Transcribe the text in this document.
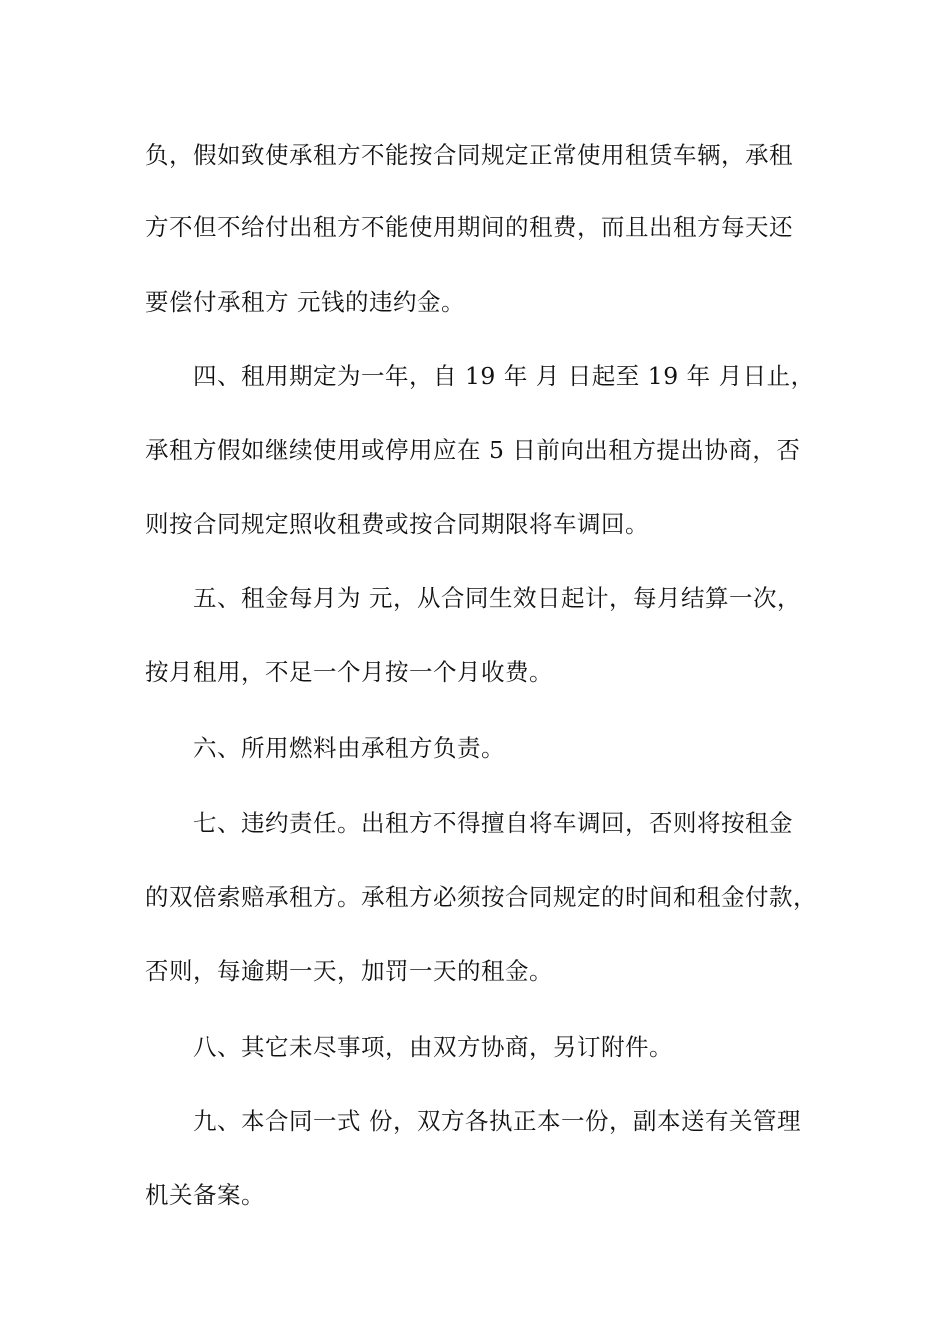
负，假如致使承租方不能按合同规定正常使用租赁车辆，承租
方不但不给付出租方不能使用期间的租费，而且出租方每天还
要偿付承租方 元钱的违约金。
四、租用期定为一年，自 19 年 月 日起至 19 年 月日止，
承租方假如继续使用或停用应在 5 日前向出租方提出协商，否
则按合同规定照收租费或按合同期限将车调回。
五、租金每月为 元，从合同生效日起计，每月结算一次，
按月租用，不足一个月按一个月收费。
六、所用燃料由承租方负责。
七、违约责任。出租方不得擅自将车调回，否则将按租金
的双倍索赔承租方。承租方必须按合同规定的时间和租金付款，
否则，每逾期一天，加罚一天的租金。
八、其它未尽事项，由双方协商，另订附件。
九、本合同一式 份，双方各执正本一份，副本送有关管理
机关备案。
